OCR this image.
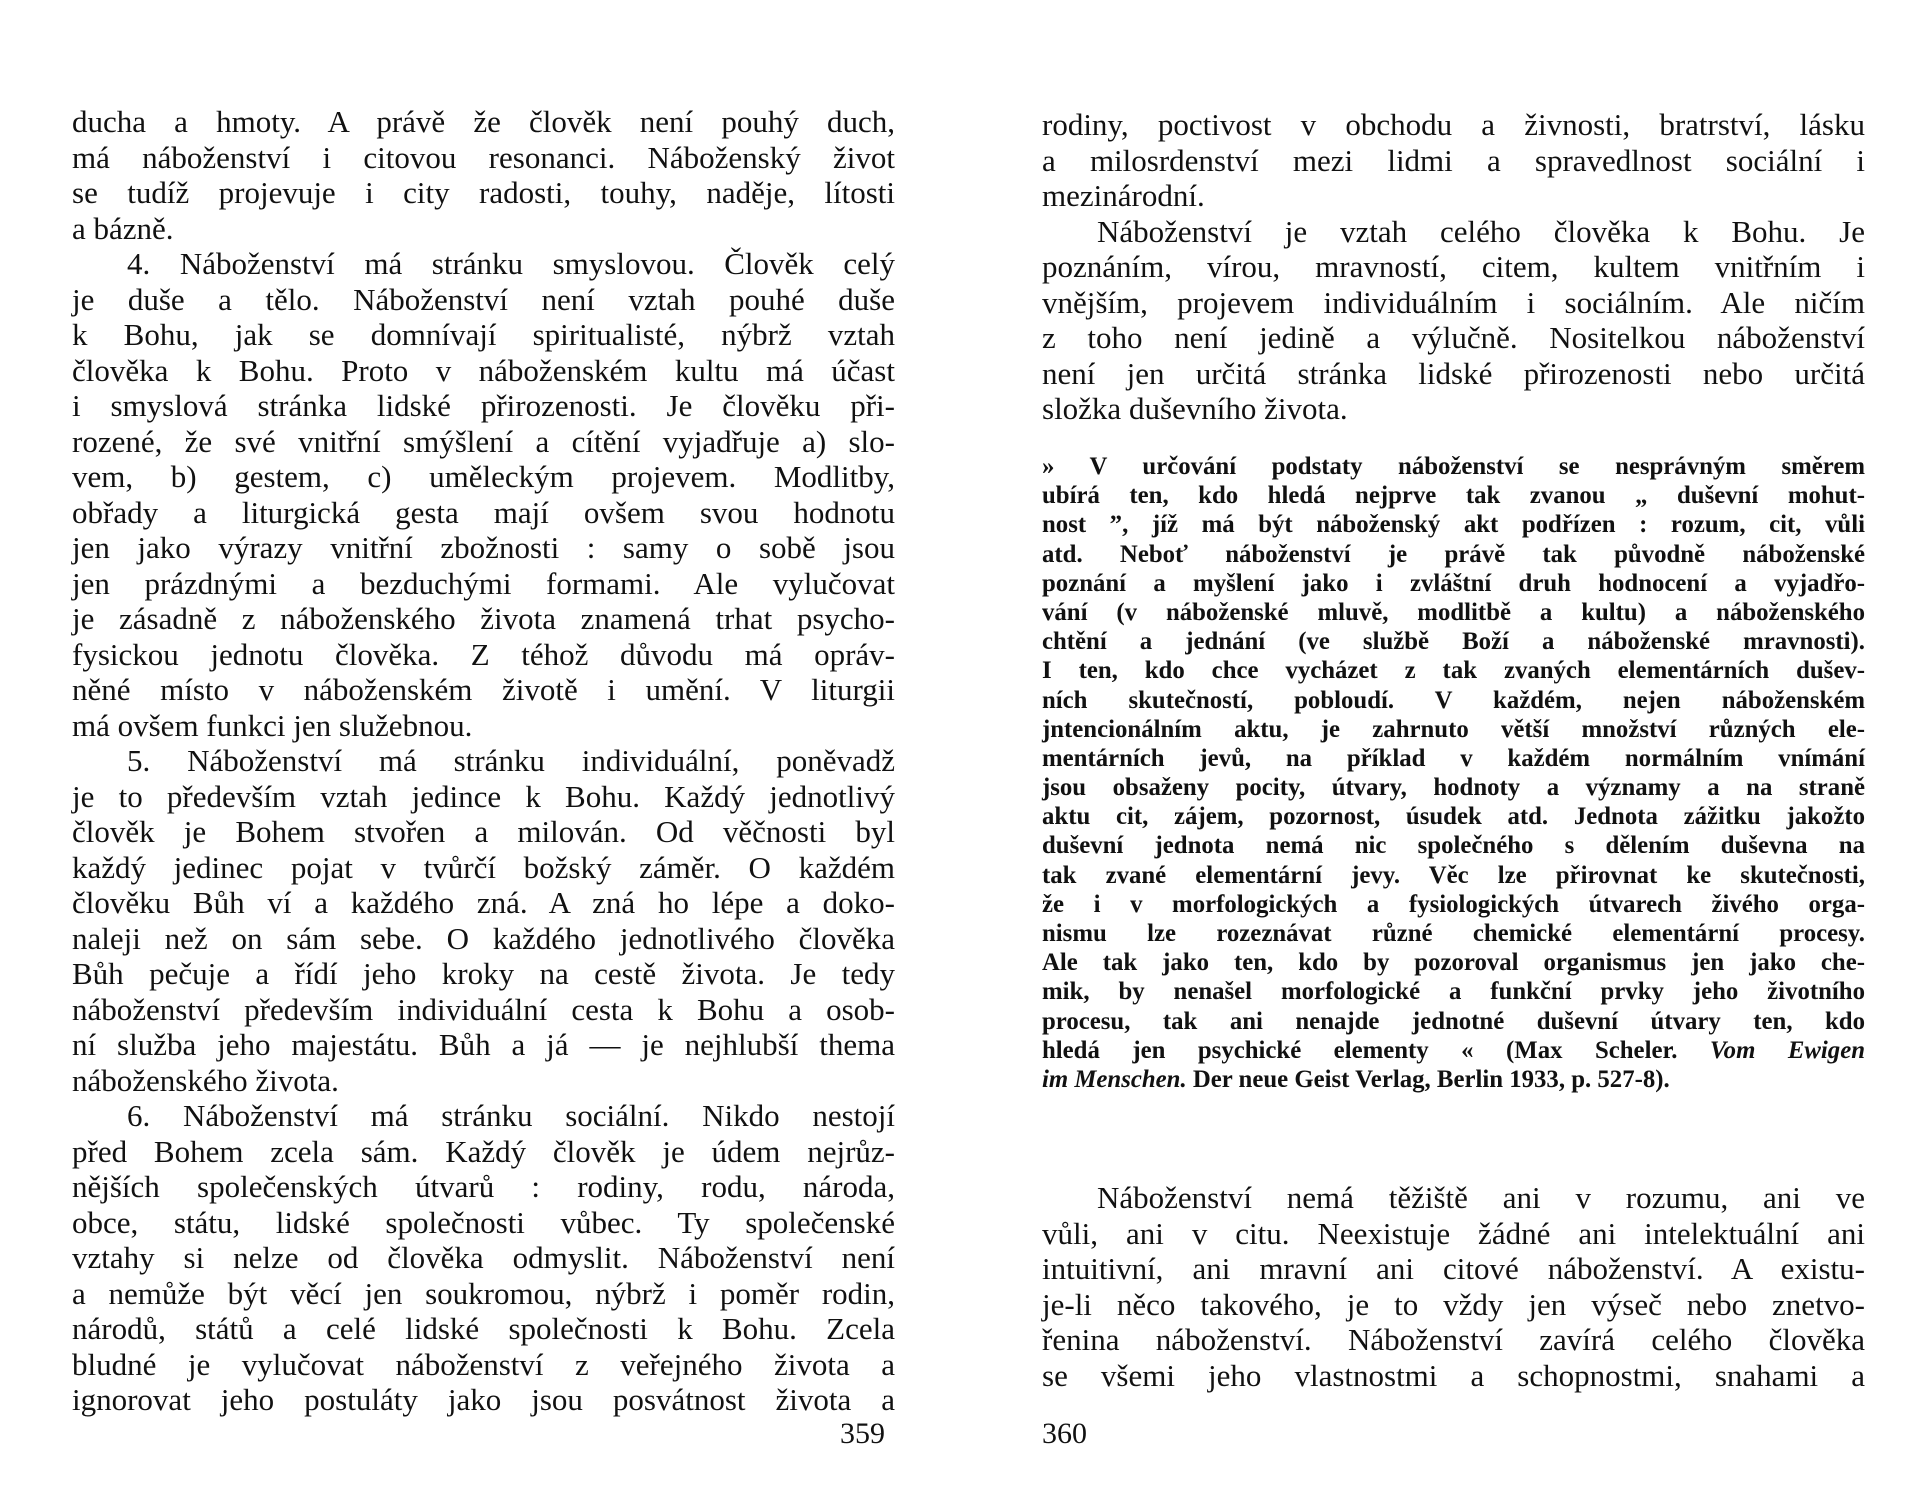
ducha a hmoty. A právě že člověk není pouhý duch,
má náboženství i citovou resonanci. Náboženský život
se tudíž projevuje i city radosti, touhy, naděje, lítosti
a bázně.
4. Náboženství má stránku smyslovou. Člověk celý
je duše a tělo. Náboženství není vztah pouhé duše
k Bohu, jak se domnívají spiritualisté, nýbrž vztah
člověka k Bohu. Proto v náboženském kultu má účast
i smyslová stránka lidské přirozenosti. Je člověku při-
rozené, že své vnitřní smýšlení a cítění vyjadřuje a) slo-
vem, b) gestem, c) uměleckým projevem. Modlitby,
obřady a liturgická gesta mají ovšem svou hodnotu
jen jako výrazy vnitřní zbožnosti : samy o sobě jsou
jen prázdnými a bezduchými formami. Ale vylučovat
je zásadně z náboženského života znamená trhat psycho-
fysickou jednotu člověka. Z téhož důvodu má opráv-
něné místo v náboženském životě i umění. V liturgii
má ovšem funkci jen služebnou.
5. Náboženství má stránku individuální, poněvadž
je to především vztah jedince k Bohu. Každý jednotlivý
člověk je Bohem stvořen a milován. Od věčnosti byl
každý jedinec pojat v tvůrčí božský záměr. O každém
člověku Bůh ví a každého zná. A zná ho lépe a doko-
naleji než on sám sebe. O každého jednotlivého člověka
Bůh pečuje a řídí jeho kroky na cestě života. Je tedy
náboženství především individuální cesta k Bohu a osob-
ní služba jeho majestátu. Bůh a já — je nejhlubší thema
náboženského života.
6. Náboženství má stránku sociální. Nikdo nestojí
před Bohem zcela sám. Každý člověk je údem nejrůz-
nějších společenských útvarů : rodiny, rodu, národa,
obce, státu, lidské společnosti vůbec. Ty společenské
vztahy si nelze od člověka odmyslit. Náboženství není
a nemůže být věcí jen soukromou, nýbrž i poměr rodin,
národů, států a celé lidské společnosti k Bohu. Zcela
bludné je vylučovat náboženství z veřejného života a
ignorovat jeho postuláty jako jsou posvátnost života a
359
rodiny, poctivost v obchodu a živnosti, bratrství, lásku
a milosrdenství mezi lidmi a spravedlnost sociální i
mezinárodní.
Náboženství je vztah celého člověka k Bohu. Je
poznáním, vírou, mravností, citem, kultem vnitřním i
vnějším, projevem individuálním i sociálním. Ale ničím
z toho není jedině a výlučně. Nositelkou náboženství
není jen určitá stránka lidské přirozenosti nebo určitá
složka duševního života.
» V určování podstaty náboženství se nesprávným směrem
ubírá ten, kdo hledá nejprve tak zvanou „ duševní mohut-
nost ”, jíž má být náboženský akt podřízen : rozum, cit, vůli
atd. Neboť náboženství je právě tak původně náboženské
poznání a myšlení jako i zvláštní druh hodnocení a vyjadřo-
vání (v náboženské mluvě, modlitbě a kultu) a náboženského
chtění a jednání (ve službě Boží a náboženské mravnosti).
I ten, kdo chce vycházet z tak zvaných elementárních dušev-
ních skutečností, pobloudí. V každém, nejen náboženském
jntencionálním aktu, je zahrnuto větší množství různých ele-
mentárních jevů, na příklad v každém normálním vnímání
jsou obsaženy pocity, útvary, hodnoty a významy a na straně
aktu cit, zájem, pozornost, úsudek atd. Jednota zážitku jakožto
duševní jednota nemá nic společného s dělením duševna na
tak zvané elementární jevy. Věc lze přirovnat ke skutečnosti,
že i v morfologických a fysiologických útvarech živého orga-
nismu lze rozeznávat různé chemické elementární procesy.
Ale tak jako ten, kdo by pozoroval organismus jen jako che-
mik, by nenašel morfologické a funkční prvky jeho životního
procesu, tak ani nenajde jednotné duševní útvary ten, kdo
hledá jen psychické elementy « (Max Scheler. Vom Ewigen
im Menschen. Der neue Geist Verlag, Berlin 1933, p. 527-8).
Náboženství nemá těžiště ani v rozumu, ani ve
vůli, ani v citu. Neexistuje žádné ani intelektuální ani
intuitivní, ani mravní ani citové náboženství. A existu-
je-li něco takového, je to vždy jen výseč nebo znetvo-
řenina náboženství. Náboženství zavírá celého člověka
se všemi jeho vlastnostmi a schopnostmi, snahami a
360
